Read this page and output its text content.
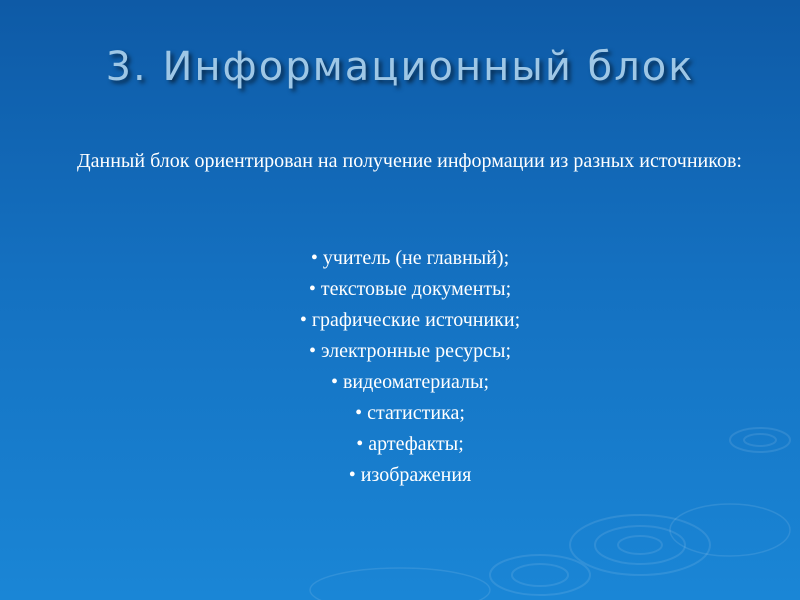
3. Информационный блок

Данный блок ориентирован на получение информации из разных источников:

• учитель (не главный);
• текстовые документы;
• графические источники;
• электронные ресурсы;
• видеоматериалы;
• статистика;
• артефакты;
• изображения
